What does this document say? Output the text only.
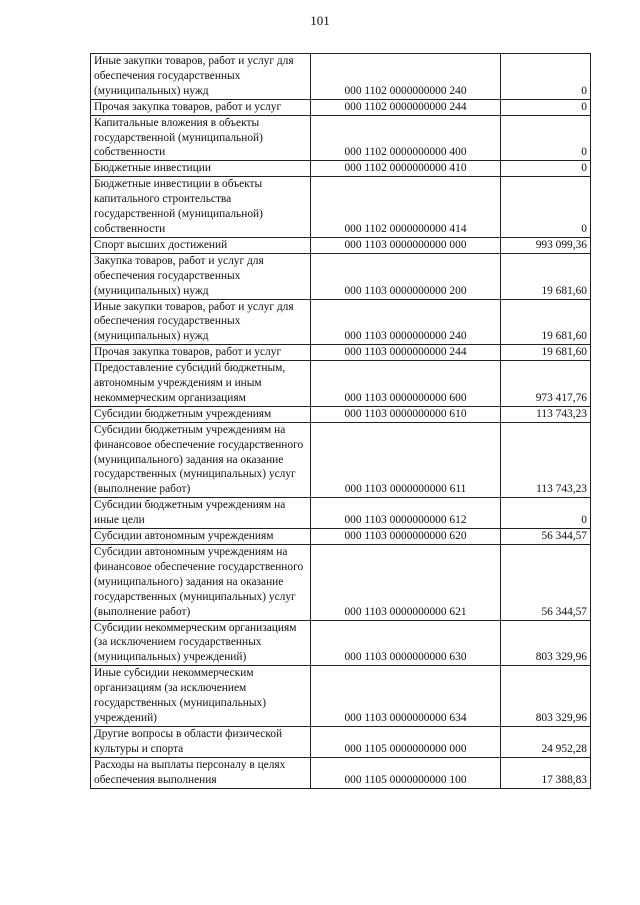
101
Иные закупки товаров, работ и услуг для обеспечения государственных (муниципальных) нужд	000 1102 0000000000 240	0
Прочая закупка товаров, работ и услуг	000 1102 0000000000 244	0
Капитальные вложения в объекты государственной (муниципальной) собственности	000 1102 0000000000 400	0
Бюджетные инвестиции	000 1102 0000000000 410	0
Бюджетные инвестиции в объекты капитального строительства государственной (муниципальной) собственности	000 1102 0000000000 414	0
Спорт высших достижений	000 1103 0000000000 000	993 099,36
Закупка товаров, работ и услуг для обеспечения государственных (муниципальных) нужд	000 1103 0000000000 200	19 681,60
Иные закупки товаров, работ и услуг для обеспечения государственных (муниципальных) нужд	000 1103 0000000000 240	19 681,60
Прочая закупка товаров, работ и услуг	000 1103 0000000000 244	19 681,60
Предоставление субсидий бюджетным, автономным учреждениям и иным некоммерческим организациям	000 1103 0000000000 600	973 417,76
Субсидии бюджетным учреждениям	000 1103 0000000000 610	113 743,23
Субсидии бюджетным учреждениям на финансовое обеспечение государственного (муниципального) задания на оказание государственных (муниципальных) услуг (выполнение работ)	000 1103 0000000000 611	113 743,23
Субсидии бюджетным учреждениям на иные цели	000 1103 0000000000 612	0
Субсидии автономным учреждениям	000 1103 0000000000 620	56 344,57
Субсидии автономным учреждениям на финансовое обеспечение государственного (муниципального) задания на оказание государственных (муниципальных) услуг (выполнение работ)	000 1103 0000000000 621	56 344,57
Субсидии некоммерческим организациям (за исключением государственных (муниципальных) учреждений)	000 1103 0000000000 630	803 329,96
Иные субсидии некоммерческим организациям (за исключением государственных (муниципальных) учреждений)	000 1103 0000000000 634	803 329,96
Другие вопросы в области физической культуры и спорта	000 1105 0000000000 000	24 952,28
Расходы на выплаты персоналу в целях обеспечения выполнения	000 1105 0000000000 100	17 388,83
